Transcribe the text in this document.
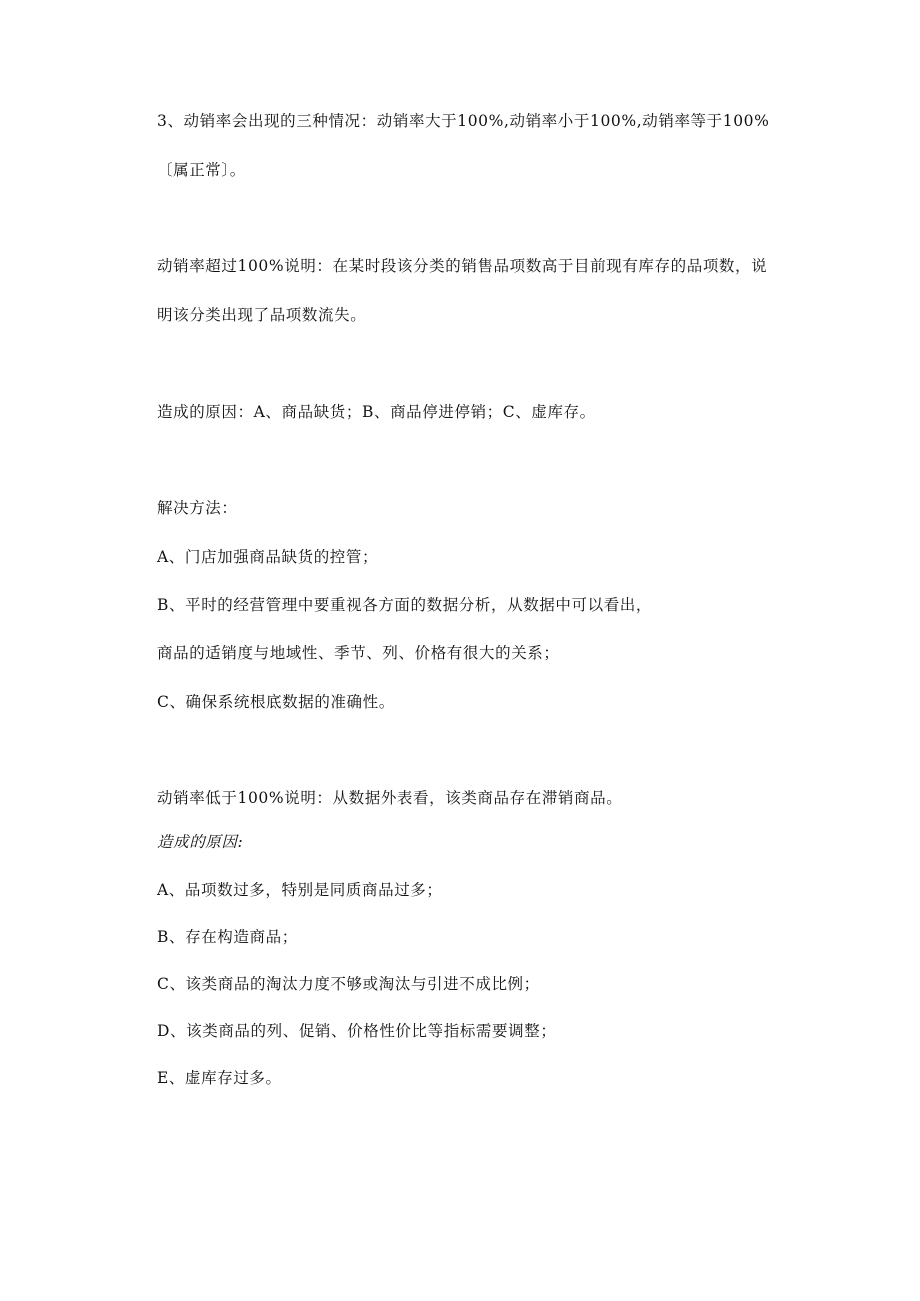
3、动销率会出现的三种情况：动销率大于100%,动销率小于100%,动销率等于100%
〔属正常〕。
动销率超过100%说明：在某时段该分类的销售品项数高于目前现有库存的品项数，说
明该分类出现了品项数流失。
造成的原因：A、商品缺货；B、商品停进停销；C、虚库存。
解决方法：
A、门店加强商品缺货的控管；
B、平时的经营管理中要重视各方面的数据分析，从数据中可以看出，
商品的适销度与地域性、季节、列、价格有很大的关系；
C、确保系统根底数据的准确性。
动销率低于100%说明：从数据外表看，该类商品存在滞销商品。
造成的原因:
A、品项数过多，特别是同质商品过多；
B、存在构造商品；
C、该类商品的淘汰力度不够或淘汰与引进不成比例；
D、该类商品的列、促销、价格性价比等指标需要调整；
E、虚库存过多。
